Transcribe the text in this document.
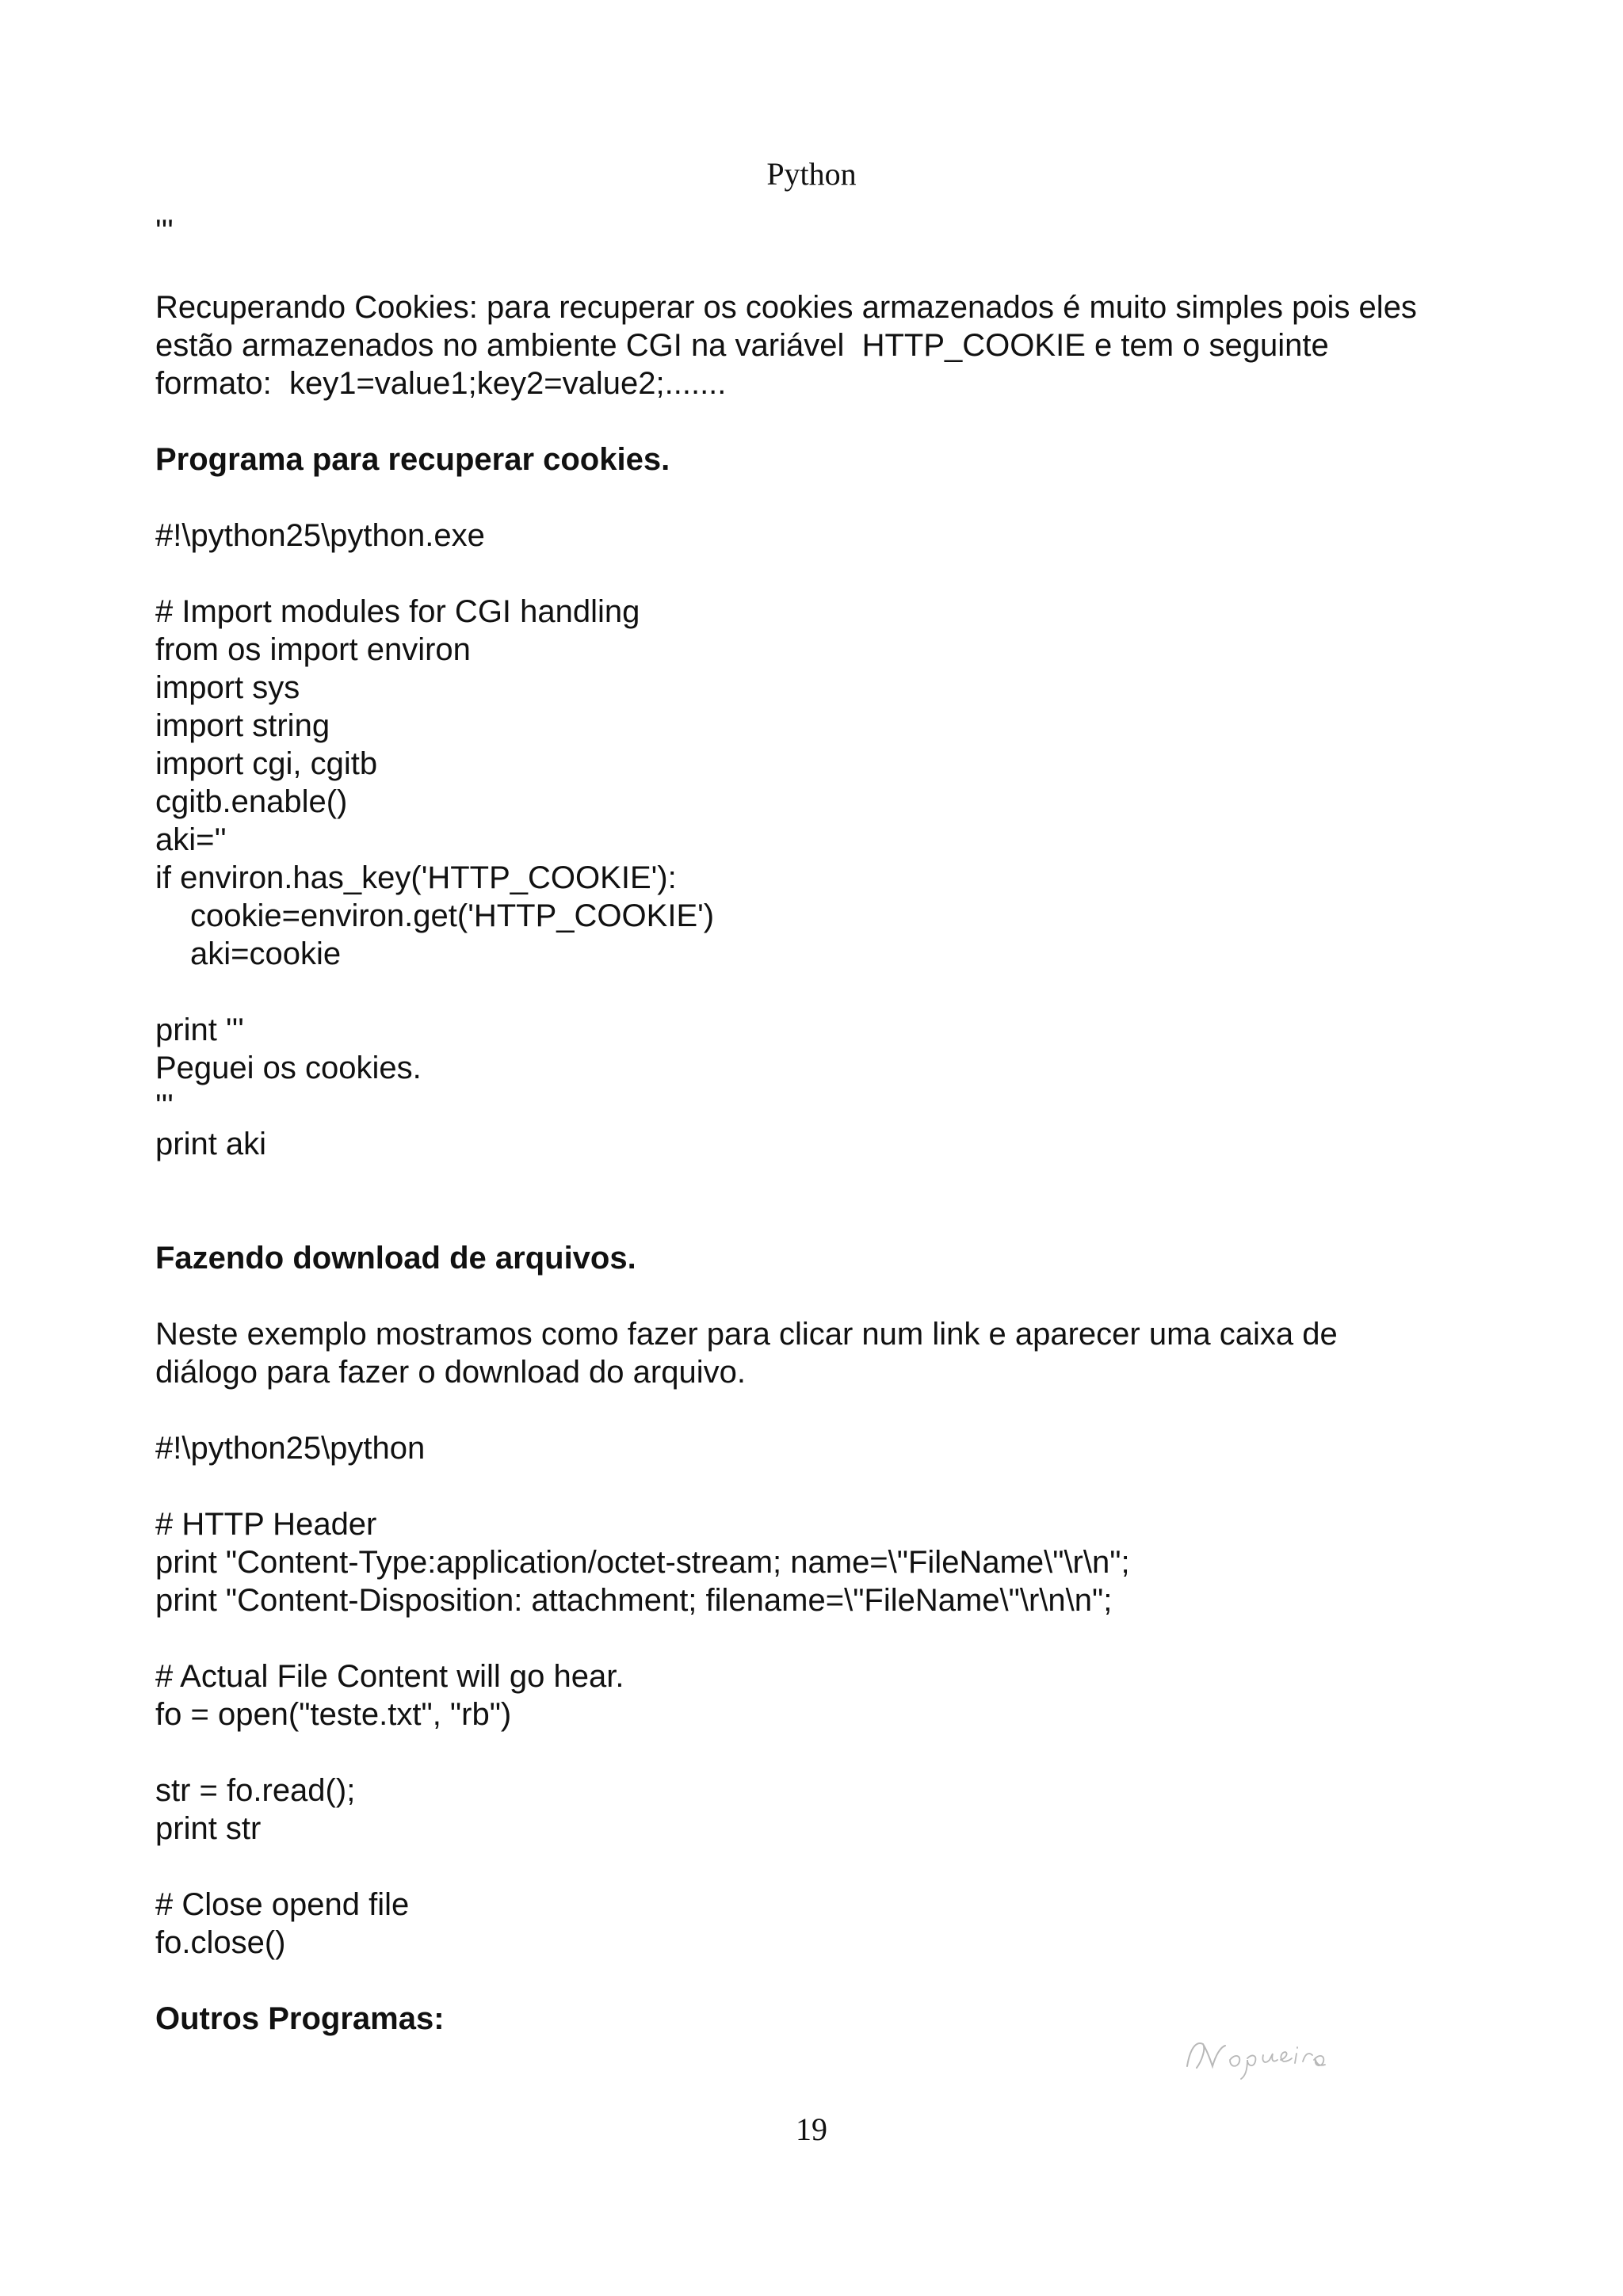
Python
'''
Recuperando Cookies: para recuperar os cookies armazenados é muito simples pois eles
estão armazenados no ambiente CGI na variável  HTTP_COOKIE e tem o seguinte
formato:  key1=value1;key2=value2;.......
Programa para recuperar cookies.
#!\python25\python.exe
# Import modules for CGI handling
from os import environ
import sys
import string
import cgi, cgitb
cgitb.enable()
aki=''
if environ.has_key('HTTP_COOKIE'):
cookie=environ.get('HTTP_COOKIE')
aki=cookie
print '''
Peguei os cookies.
'''
print aki
Fazendo download de arquivos.
Neste exemplo mostramos como fazer para clicar num link e aparecer uma caixa de
diálogo para fazer o download do arquivo.
#!\python25\python
# HTTP Header
print "Content-Type:application/octet-stream; name=\"FileName\"\r\n";
print "Content-Disposition: attachment; filename=\"FileName\"\r\n\n";
# Actual File Content will go hear.
fo = open("teste.txt", "rb")
str = fo.read();
print str
# Close opend file
fo.close()
Outros Programas:
19
